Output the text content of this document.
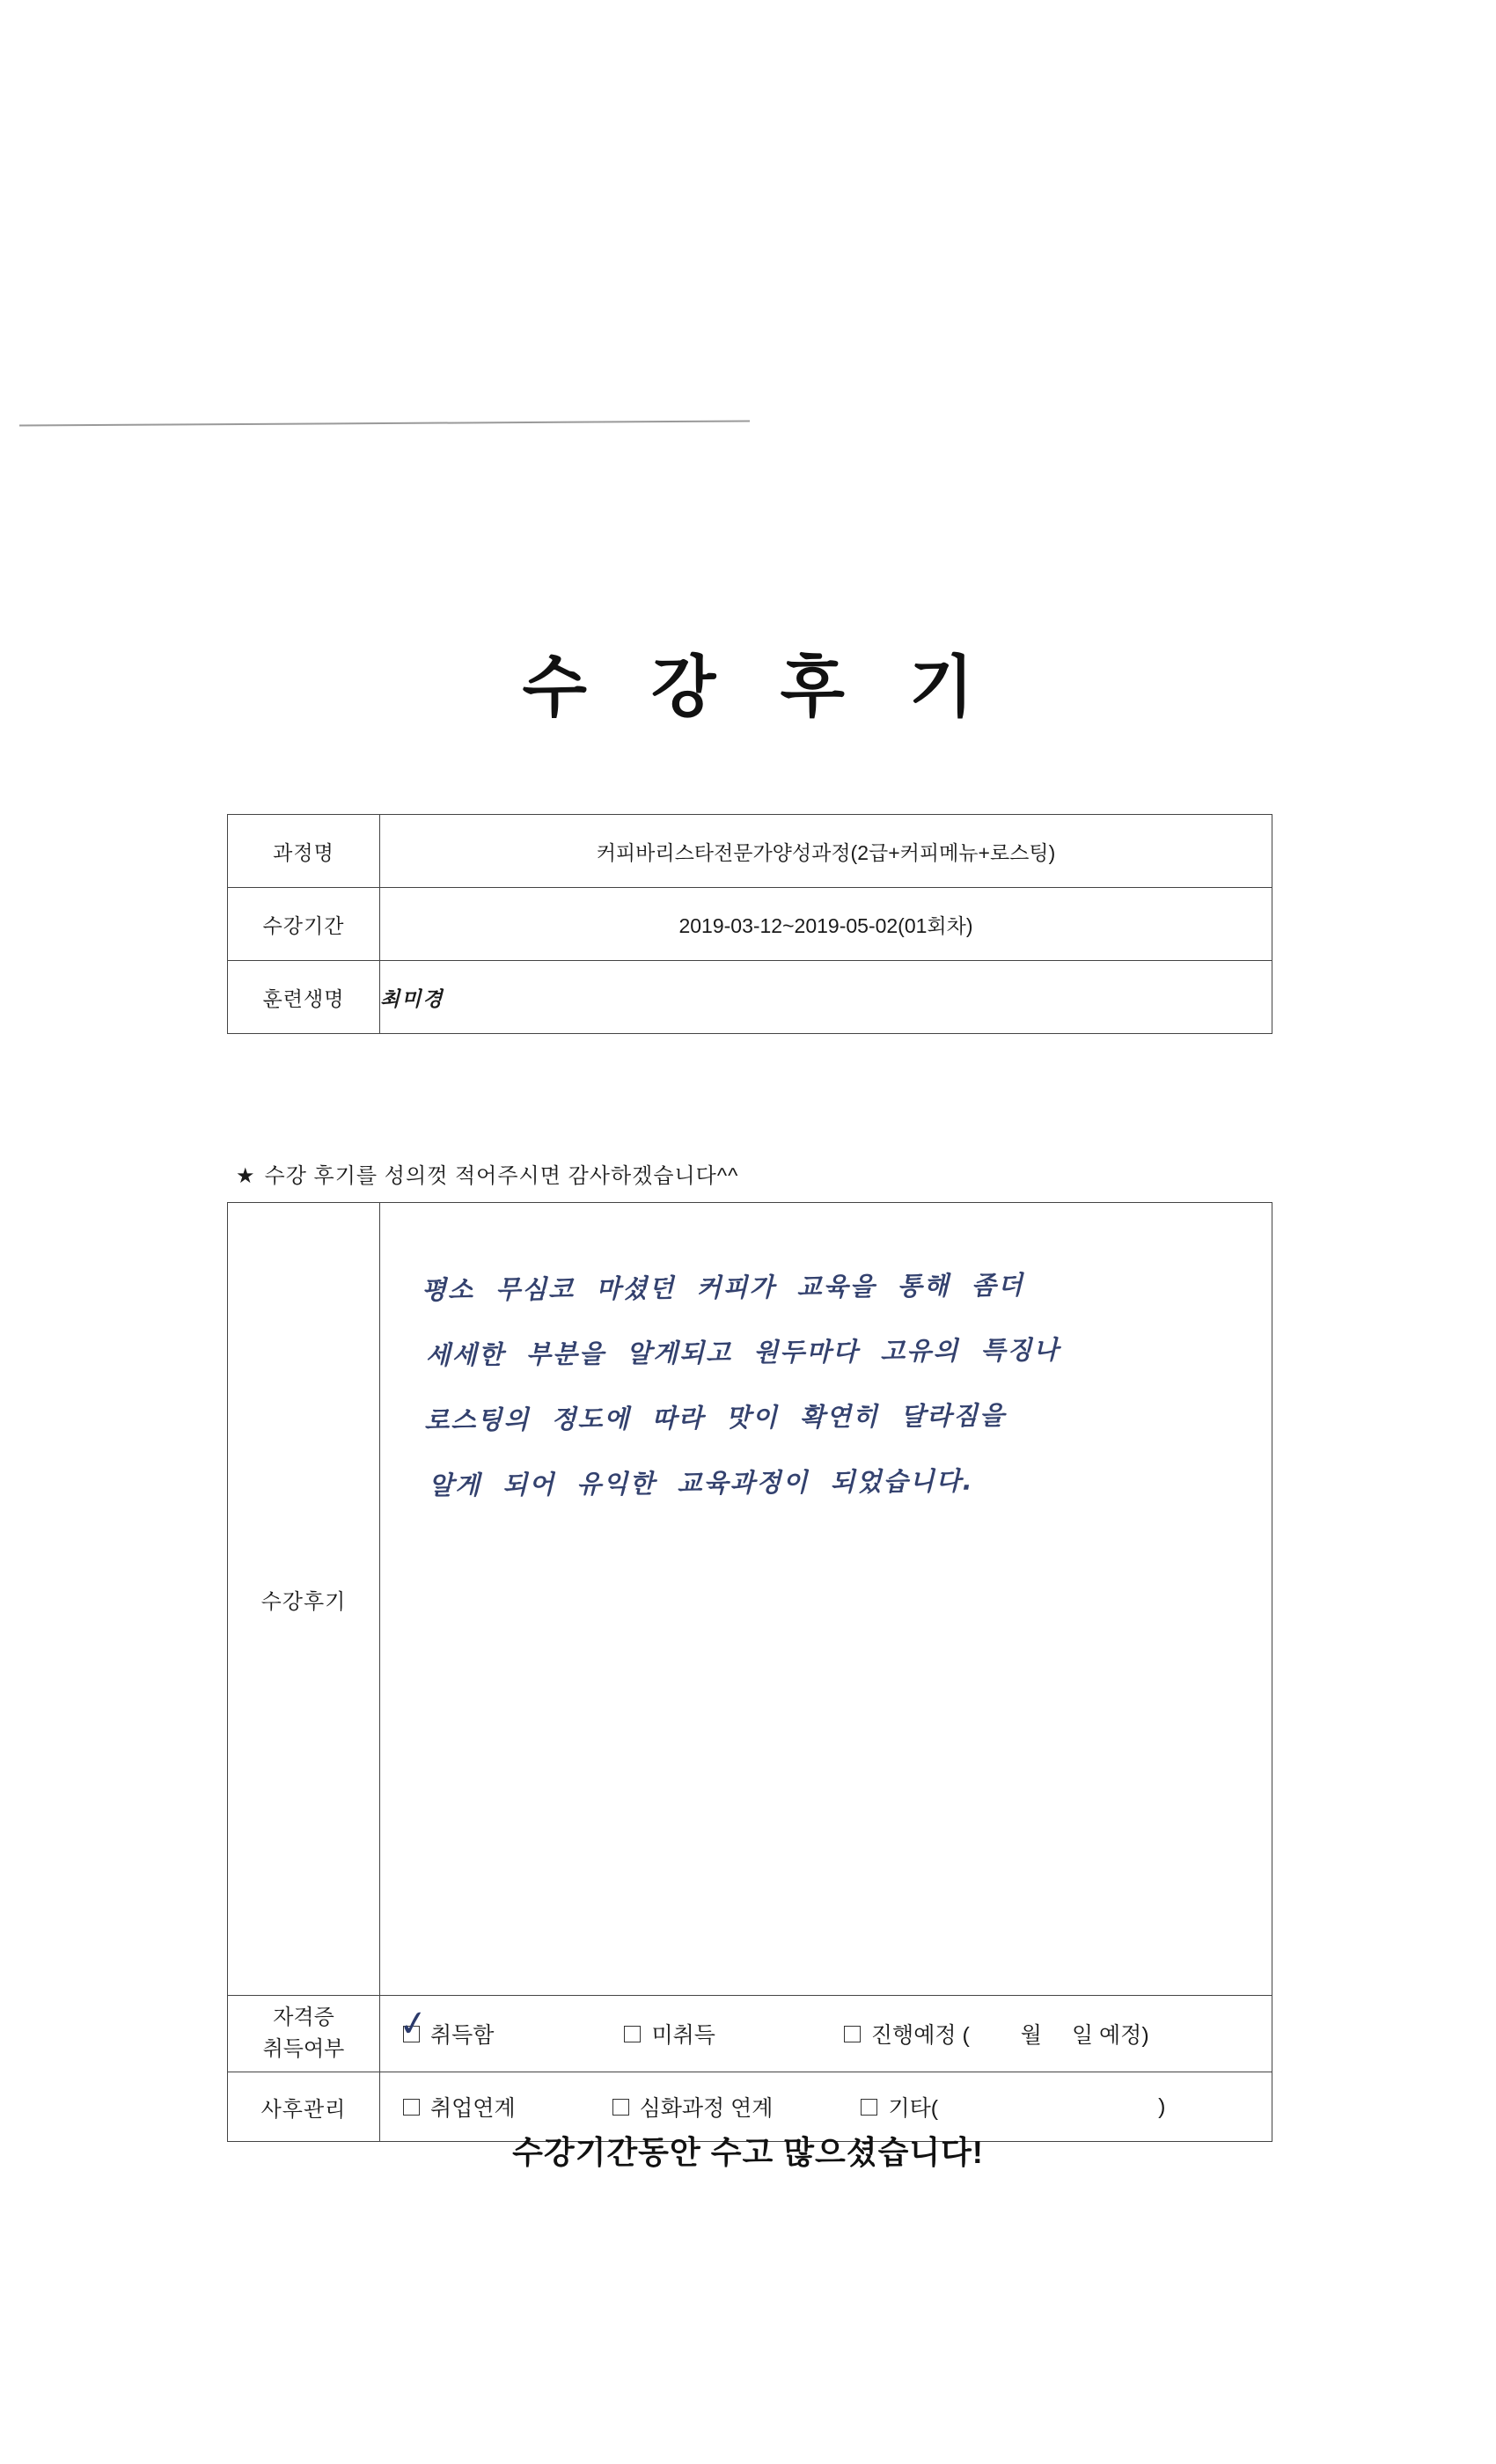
수 강 후 기
과정명	커피바리스타전문가양성과정(2급+커피메뉴+로스팅)
수강기간	2019-03-12~2019-05-02(01회차)
훈련생명	최미경
★ 수강 후기를 성의껏 적어주시면 감사하겠습니다^^
수강후기	평소 무심코 마셨던 커피가 교육을 통해 좀더
세세한 부분을 알게되고 원두마다 고유의 특징나
로스팅의 정도에 따라 맛이 확연히 달라짐을
알게 되어 유익한 교육과정이 되었습니다.

자격증
취득여부	
✓ 취득함	미취득	진행예정 ( 월 일 예정)

사후관리	취업연계 심화과정 연계 기타( )
수강기간동안 수고 많으셨습니다!
